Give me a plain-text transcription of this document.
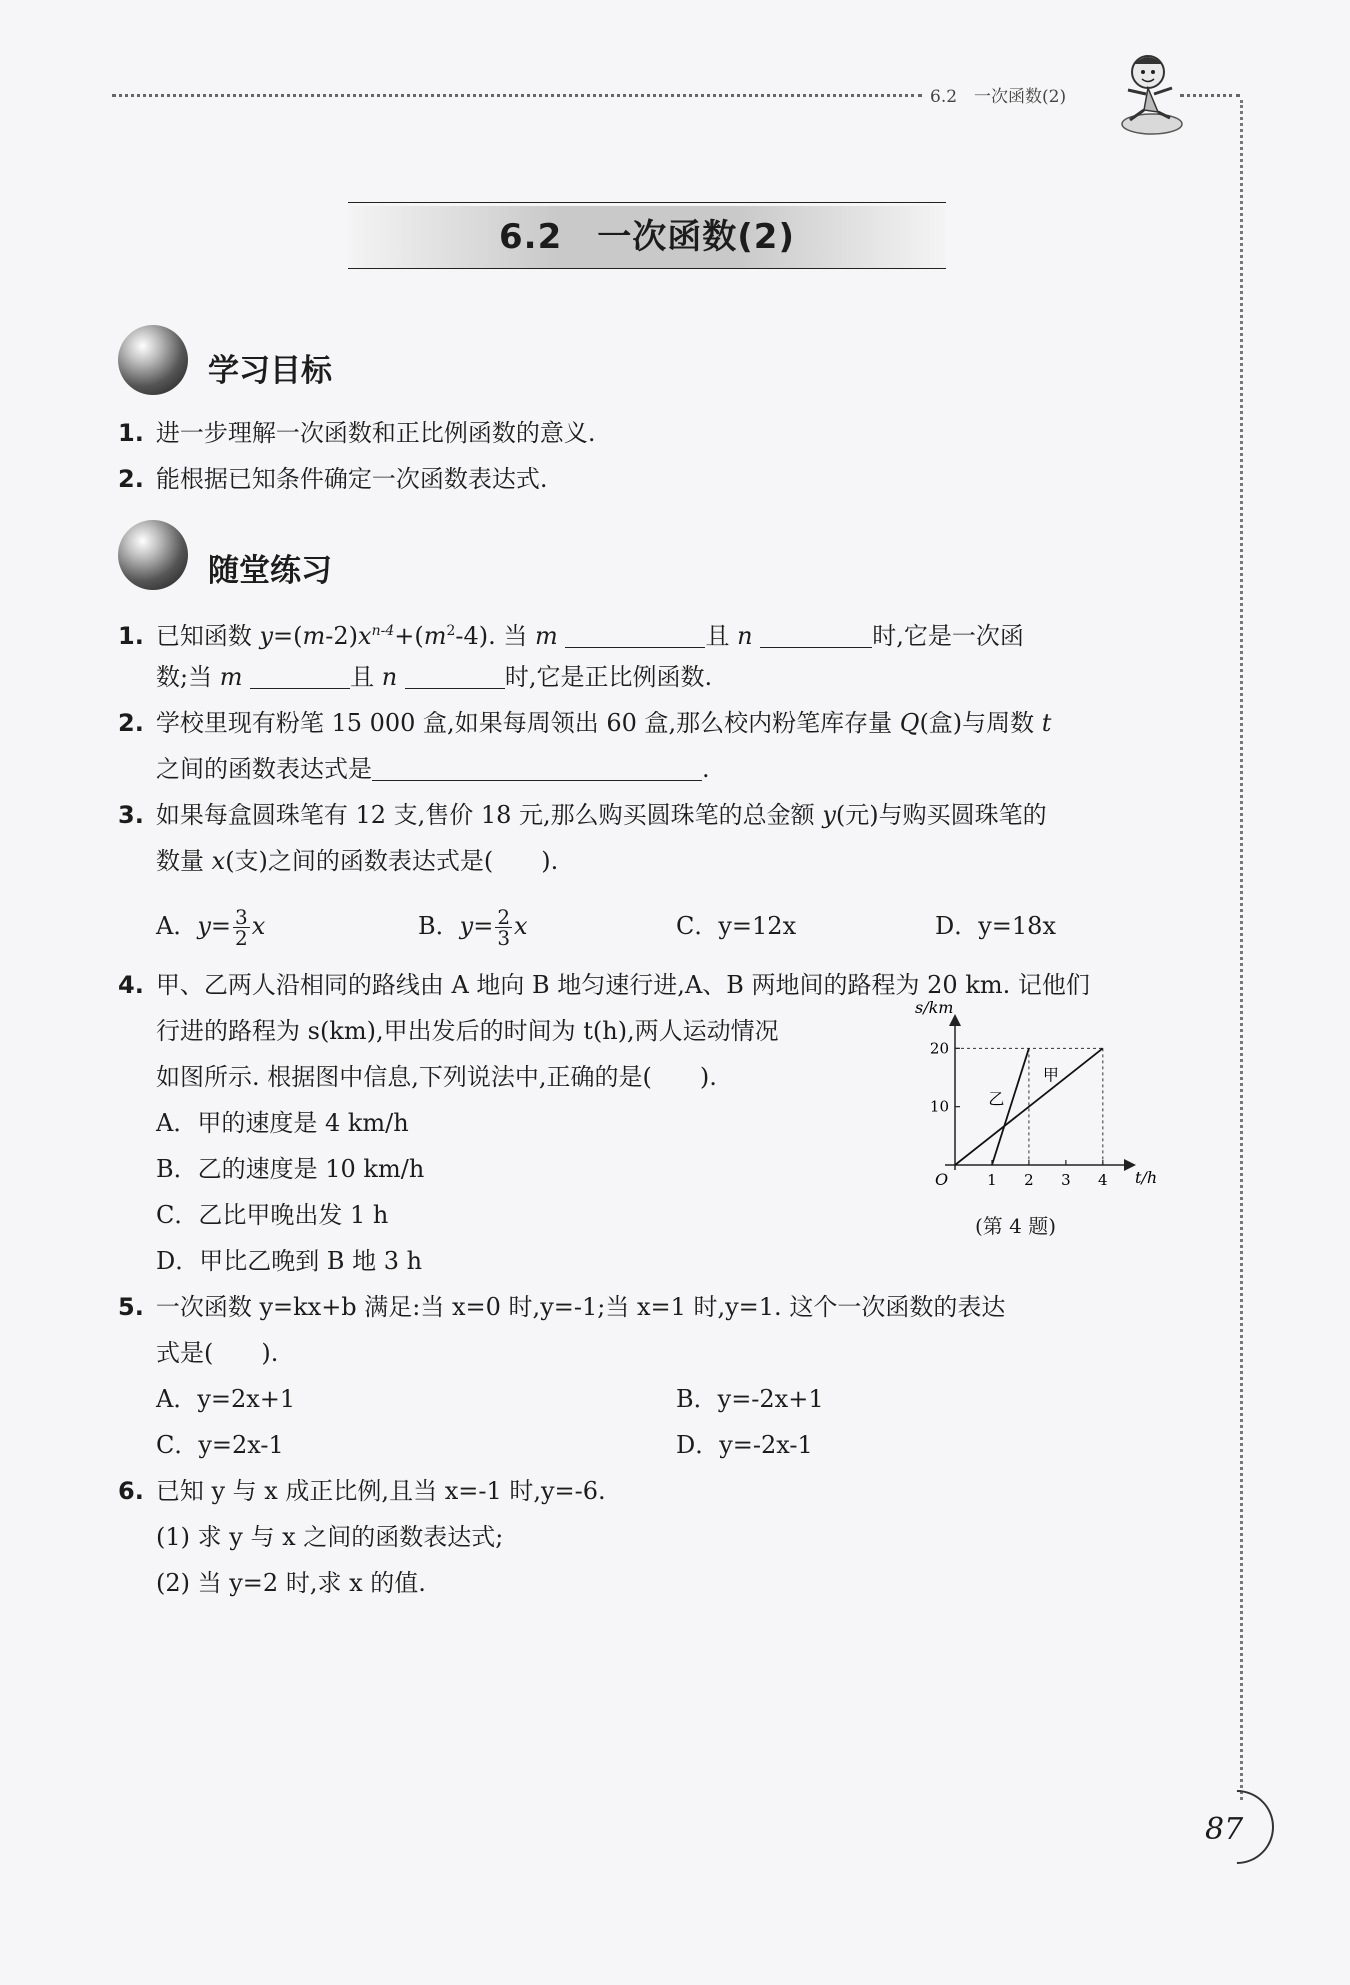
6.2　一次函数(2)
6.2　一次函数(2)
学习目标
1. 进一步理解一次函数和正比例函数的意义.
2. 能根据已知条件确定一次函数表达式.
随堂练习
1. 已知函数 $y=(m-2)x^{n-4}+(m^2-4)$. 当 m	且 n	时,它是一次函
数;当 m	且 n	时,它是正比例函数.
2. 学校里现有粉笔 15 000 盒,如果每周领出 60 盒,那么校内粉笔库存量 Q(盒)与周数 t
之间的函数表达式是	.
3. 如果每盒圆珠笔有 12 支,售价 18 元,那么购买圆珠笔的总金额 y(元)与购买圆珠笔的
数量 x(支)之间的函数表达式是(　　).
A．$y= \frac{3}{2}$ x	B．$y= \frac{2}{3}$ x	C．y=12x	D．y=18x
4. 甲、乙两人沿相同的路线由 A 地向 B 地匀速行进,A、B 两地间的路程为 20 km. 记他们
行进的路程为 s(km),甲出发后的时间为 t(h),两人运动情况
如图所示. 根据图中信息,下列说法中,正确的是(　　).
A．甲的速度是 4 km/h
B．乙的速度是 10 km/h
C．乙比甲晚出发 1 h
D．甲比乙晚到 B 地 3 h
甲
乙
1 2 3 4
10
20
t/h
s/km
O
(第 4 题)
5. 一次函数 y=kx+b 满足:当 x=0 时,y=-1;当 x=1 时,y=1. 这个一次函数的表达
式是(　　).
A．y=2x+1	B．y=-2x+1
C．y=2x-1	D．y=-2x-1
6. 已知 y 与 x 成正比例,且当 x=-1 时,y=-6.
(1) 求 y 与 x 之间的函数表达式;
(2) 当 y=2 时,求 x 的值.
87
